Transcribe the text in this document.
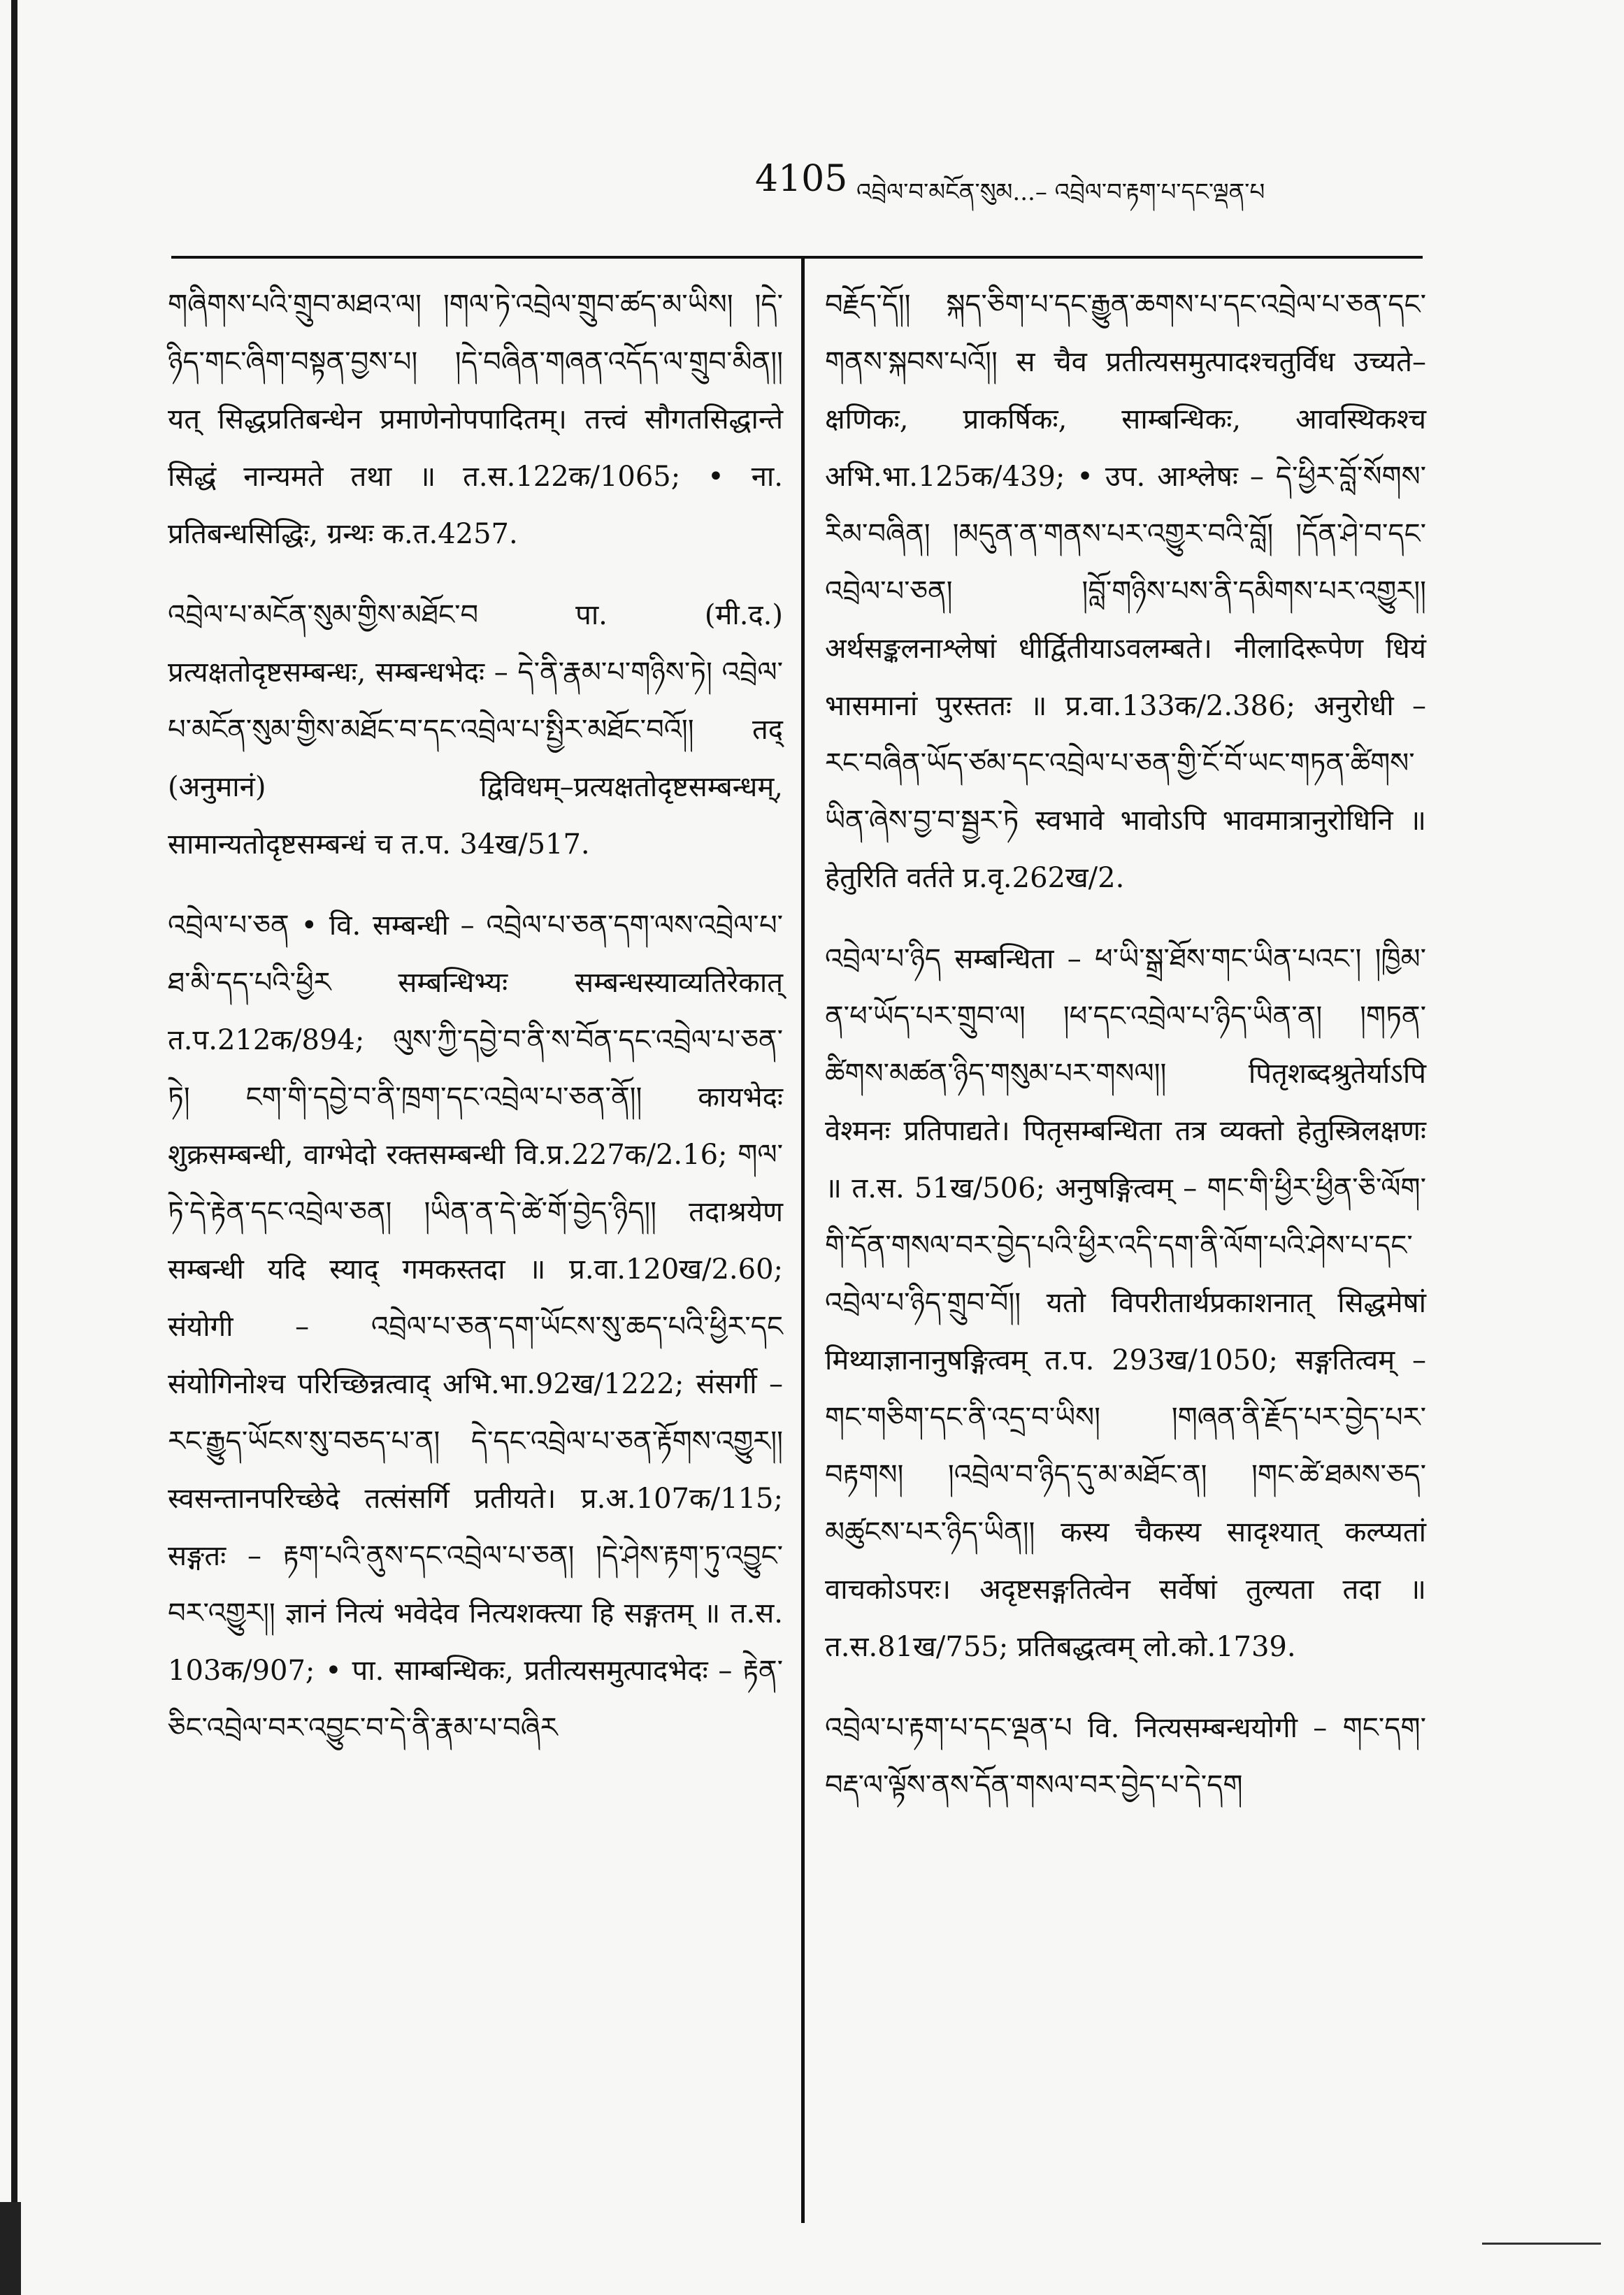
4105 འབྲེལ་བ་མངོན་སུམ...– འབྲེལ་བ་རྟག་པ་དང་ལྡན་པ

གཞིགས་པའི་གྲུབ་མཐའ་ལ། །གལ་ཏེ་འབྲེལ་གྲུབ་ཚད་མ་ཡིས། །དེ་ཉིད་གང་ཞིག་བསྟན་བྱས་པ། །དེ་བཞིན་གཞན་འདོད་ལ་གྲུབ་མིན།། यत् सिद्धप्रतिबन्धेन प्रमाणेनोपपादितम्। तत्त्वं सौगतसिद्धान्ते सिद्धं नान्यमते तथा ॥ त.स.122क/1065; • ना. प्रतिबन्धसिद्धिः, ग्रन्थः क.त.4257.

འབྲེལ་པ་མངོན་སུམ་གྱིས་མཐོང་བ पा. (मी.द.) प्रत्यक्षतोदृष्टसम्बन्धः, सम्बन्धभेदः – དེ་ནི་རྣམ་པ་གཉིས་ཏེ། འབྲེལ་པ་མངོན་སུམ་གྱིས་མཐོང་བ་དང་འབྲེལ་པ་སྤྱིར་མཐོང་བའོ།། तद् (अनुमानं) द्विविधम्–प्रत्यक्षतोदृष्टसम्बन्धम्, सामान्यतोदृष्टसम्बन्धं च त.प. 34ख/517.

འབྲེལ་པ་ཅན • वि. सम्बन्धी – འབྲེལ་པ་ཅན་དག་ལས་འབྲེལ་པ་ཐ་མི་དད་པའི་ཕྱིར सम्बन्धिभ्यः सम्बन्धस्याव्यतिरेकात् त.प.212क/894; ལུས་ཀྱི་དབྱེ་བ་ནི་ས་བོན་དང་འབྲེལ་པ་ཅན་ཏེ། ངག་གི་དབྱེ་བ་ནི་ཁྲག་དང་འབྲེལ་པ་ཅན་ནོ།། कायभेदः शुक्रसम्बन्धी, वाग्भेदो रक्तसम्बन्धी वि.प्र.227क/2.16; གལ་ཏེ་དེ་རྟེན་དང་འབྲེལ་ཅན། །ཡིན་ན་དེ་ཚེ་གོ་བྱེད་ཉིད།། तदाश्रयेण सम्बन्धी यदि स्याद् गमकस्तदा ॥ प्र.वा.120ख/2.60; संयोगी – འབྲེལ་པ་ཅན་དག་ཡོངས་སུ་ཆད་པའི་ཕྱིར་དང संयोगिनोश्च परिच्छिन्नत्वाद् अभि.भा.92ख/1222; संसर्गी – རང་རྒྱུད་ཡོངས་སུ་བཅད་པ་ན། དེ་དང་འབྲེལ་པ་ཅན་རྟོགས་འགྱུར།། स्वसन्तानपरिच्छेदे तत्संसर्गि प्रतीयते। प्र.अ.107क/115; सङ्गतः – རྟག་པའི་ནུས་དང་འབྲེལ་པ་ཅན། །དེ་ཤེས་རྟག་ཏུ་འབྱུང་བར་འགྱུར།། ज्ञानं नित्यं भवेदेव नित्यशक्त्या हि सङ्गतम् ॥ त.स. 103क/907; • पा. साम्बन्धिकः, प्रतीत्यसमुत्पादभेदः – རྟེན་ཅིང་འབྲེལ་བར་འབྱུང་བ་དེ་ནི་རྣམ་པ་བཞིར

བརྗོད་དོ།། སྐད་ཅིག་པ་དང་རྒྱུན་ཆགས་པ་དང་འབྲེལ་པ་ཅན་དང་གནས་སྐབས་པའོ།། स चैव प्रतीत्यसमुत्पादश्चतुर्विध उच्यते–क्षणिकः, प्राकर्षिकः, साम्बन्धिकः, आवस्थिकश्च अभि.भा.125क/439; • उप. आश्लेषः – དེ་ཕྱིར་བློ་སོགས་རིམ་བཞིན། །མདུན་ན་གནས་པར་འགྱུར་བའི་བློ། །དོན་ཤེ་བ་དང་འབྲེལ་པ་ཅན། །བློ་གཉིས་པས་ནི་དམིགས་པར་འགྱུར།། अर्थसङ्कलनाश्लेषां धीर्द्वितीयाऽवलम्बते। नीलादिरूपेण धियं भासमानां पुरस्ततः ॥ प्र.वा.133क/2.386; अनुरोधी – རང་བཞིན་ཡོད་ཙམ་དང་འབྲེལ་པ་ཅན་གྱི་ངོ་བོ་ཡང་གཏན་ཚིགས་ཡིན་ཞེས་བྱ་བ་སྦྱར་ཏེ स्वभावे भावोऽपि भावमात्रानुरोधिनि ॥ हेतुरिति वर्तते प्र.वृ.262ख/2.

འབྲེལ་པ་ཉིད सम्बन्धिता – ཕ་ཡི་སྒྲ་ཐོས་གང་ཡིན་པའང་། །ཁྱིམ་ན་ཕ་ཡོད་པར་གྲུབ་ལ། །ཕ་དང་འབྲེལ་པ་ཉིད་ཡིན་ན། །གཏན་ཚིགས་མཚན་ཉིད་གསུམ་པར་གསལ།། पितृशब्दश्रुतेर्याऽपि वेश्मनः प्रतिपाद्यते। पितृसम्बन्धिता तत्र व्यक्तो हेतुस्त्रिलक्षणः ॥ त.स. 51ख/506; अनुषङ्गित्वम् – གང་གི་ཕྱིར་ཕྱིན་ཅི་ལོག་གི་དོན་གསལ་བར་བྱེད་པའི་ཕྱིར་འདི་དག་ནི་ལོག་པའི་ཤེས་པ་དང་འབྲེལ་པ་ཉིད་གྲུབ་བོ།། यतो विपरीतार्थप्रकाशनात् सिद्धमेषां मिथ्याज्ञानानुषङ्गित्वम् त.प. 293ख/1050; सङ्गतित्वम् – གང་གཅིག་དང་ནི་འདྲ་བ་ཡིས། །གཞན་ནི་རྗོད་པར་བྱེད་པར་བརྟགས། །འབྲེལ་བ་ཉིད་དུ་མ་མཐོང་ན། །གང་ཚེ་ཐམས་ཅད་མཚུངས་པར་ཉིད་ཡིན།། कस्य चैकस्य सादृश्यात् कल्प्यतां वाचकोऽपरः। अदृष्टसङ्गतित्वेन सर्वेषां तुल्यता तदा ॥ त.स.81ख/755; प्रतिबद्धत्वम् लो.को.1739.

འབྲེལ་པ་རྟག་པ་དང་ལྡན་པ वि. नित्यसम्बन्धयोगी – གང་དག་བརྡ་ལ་ལྟོས་ནས་དོན་གསལ་བར་བྱེད་པ་དེ་དག
